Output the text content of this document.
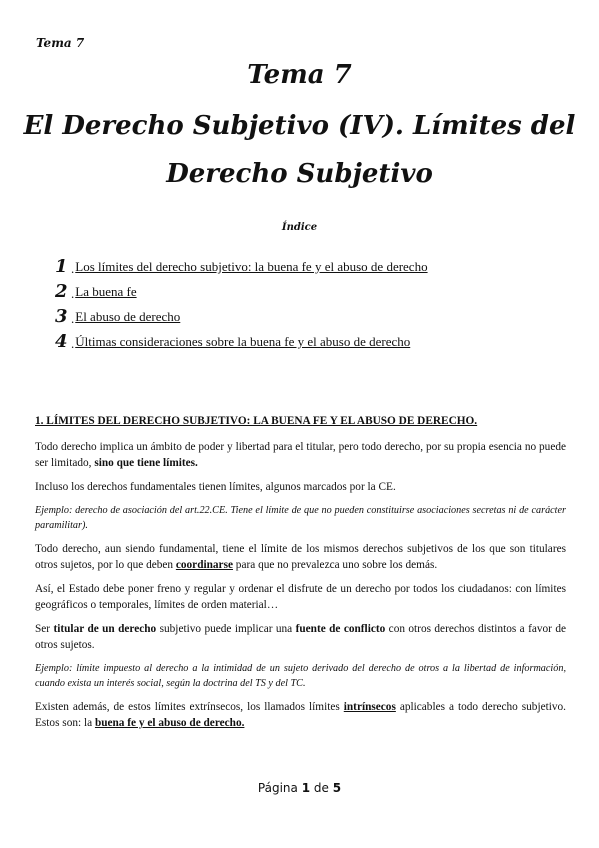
Tema 7
Tema 7
El Derecho Subjetivo (IV). Límites del
Derecho Subjetivo
Índice
1 . Los límites del derecho subjetivo: la buena fe y el abuso de derecho
2 . La buena fe
3 . El abuso de derecho
4 . Últimas consideraciones sobre la buena fe y el abuso de derecho

1. LÍMITES DEL DERECHO SUBJETIVO: LA BUENA FE Y EL ABUSO DE DERECHO.

Todo derecho implica un ámbito de poder y libertad para el titular, pero todo derecho, por su propia esencia no puede ser limitado, sino que tiene límites.

Incluso los derechos fundamentales tienen límites, algunos marcados por la CE.

Ejemplo: derecho de asociación del art.22.CE. Tiene el límite de que no pueden constituirse asociaciones secretas ni de carácter paramilitar).

Todo derecho, aun siendo fundamental, tiene el límite de los mismos derechos subjetivos de los que son titulares otros sujetos, por lo que deben coordinarse para que no prevalezca uno sobre los demás.

Así, el Estado debe poner freno y regular y ordenar el disfrute de un derecho por todos los ciudadanos: con límites geográficos o temporales, límites de orden material…

Ser titular de un derecho subjetivo puede implicar una fuente de conflicto con otros derechos distintos a favor de otros sujetos.

Ejemplo: límite impuesto al derecho a la intimidad de un sujeto derivado del derecho de otros a la libertad de información, cuando exista un interés social, según la doctrina del TS y del TC.

Existen además, de estos límites extrínsecos, los llamados límites intrínsecos aplicables a todo derecho subjetivo. Estos son: la buena fe y el abuso de derecho.

Página 1 de 5
